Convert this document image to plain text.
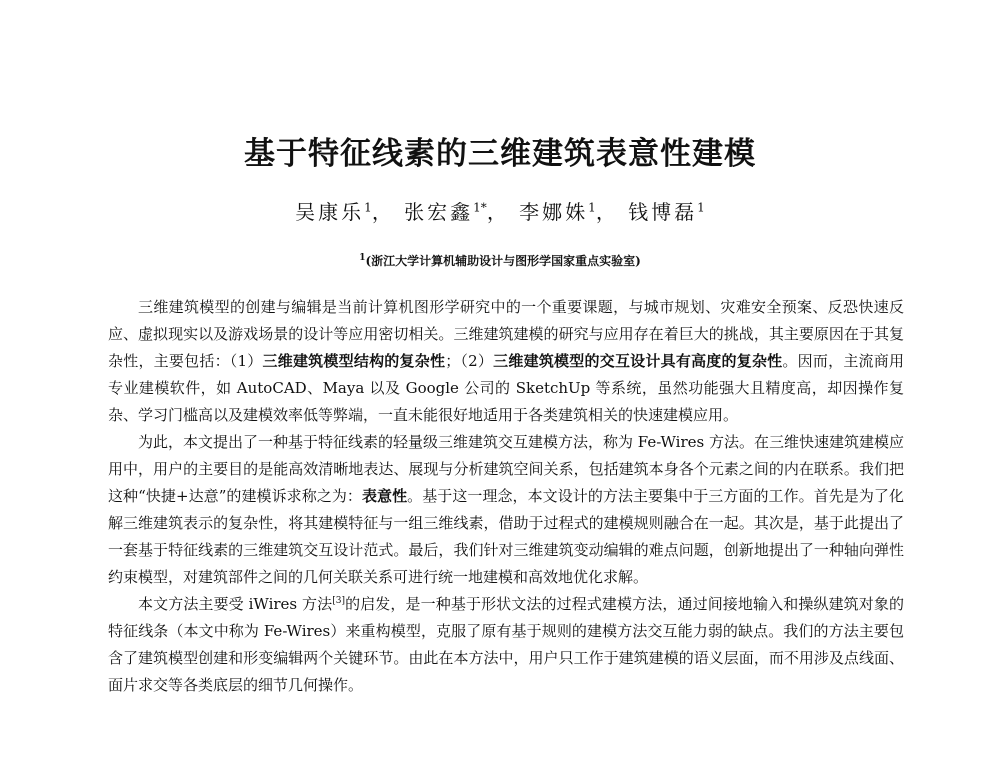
基于特征线素的三维建筑表意性建模
吴康乐$^1$， 张宏鑫$^{1*}$， 李娜姝$^1$， 钱博磊$^1$
$^1$(浙江大学计算机辅助设计与图形学国家重点实验室)

三维建筑模型的创建与编辑是当前计算机图形学研究中的一个重要课题，与城市规划、灾难安全预案、反恐快速反应、虚拟现实以及游戏场景的设计等应用密切相关。三维建筑建模的研究与应用存在着巨大的挑战，其主要原因在于其复杂性，主要包括：（1）三维建筑模型结构的复杂性；（2）三维建筑模型的交互设计具有高度的复杂性。因而，主流商用专业建模软件，如 AutoCAD、Maya 以及 Google 公司的 SketchUp 等系统，虽然功能强大且精度高，却因操作复杂、学习门槛高以及建模效率低等弊端，一直未能很好地适用于各类建筑相关的快速建模应用。

为此，本文提出了一种基于特征线素的轻量级三维建筑交互建模方法，称为 Fe-Wires 方法。在三维快速建筑建模应用中，用户的主要目的是能高效清晰地表达、展现与分析建筑空间关系，包括建筑本身各个元素之间的内在联系。我们把这种“快捷+达意”的建模诉求称之为：表意性。基于这一理念，本文设计的方法主要集中于三方面的工作。首先是为了化解三维建筑表示的复杂性，将其建模特征与一组三维线素，借助于过程式的建模规则融合在一起。其次是，基于此提出了一套基于特征线素的三维建筑交互设计范式。最后，我们针对三维建筑变动编辑的难点问题，创新地提出了一种轴向弹性约束模型，对建筑部件之间的几何关联关系可进行统一地建模和高效地优化求解。

本文方法主要受 iWires 方法[3]的启发，是一种基于形状文法的过程式建模方法，通过间接地输入和操纵建筑对象的特征线条（本文中称为 Fe-Wires）来重构模型，克服了原有基于规则的建模方法交互能力弱的缺点。我们的方法主要包含了建筑模型创建和形变编辑两个关键环节。由此在本方法中，用户只工作于建筑建模的语义层面，而不用涉及点线面、面片求交等各类底层的细节几何操作。
